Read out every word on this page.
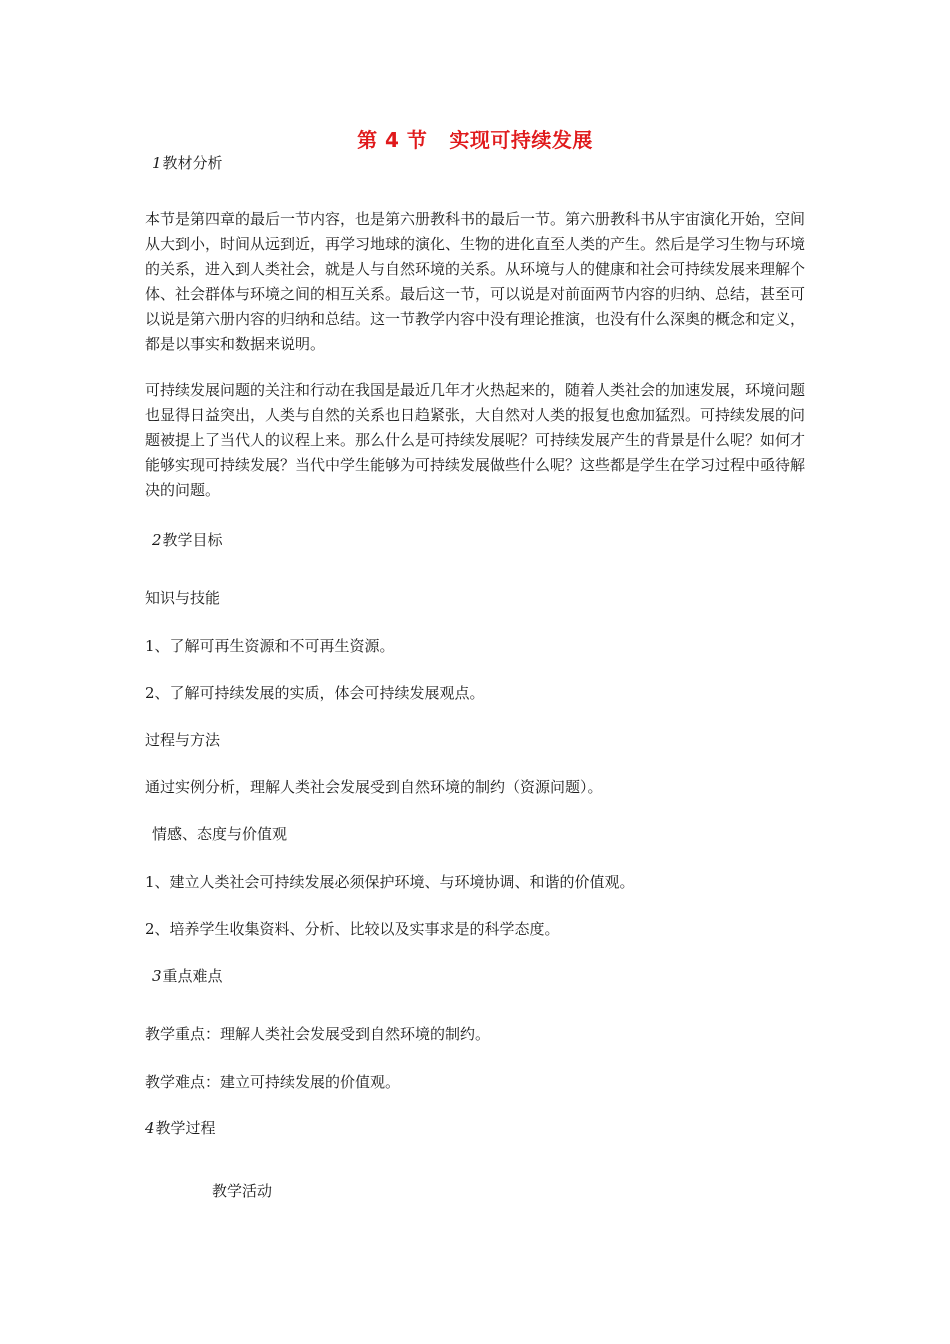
第 4 节 实现可持续发展
1教材分析

本节是第四章的最后一节内容，也是第六册教科书的最后一节。第六册教科书从宇宙演化开始，空间从大到小，时间从远到近，再学习地球的演化、生物的进化直至人类的产生。然后是学习生物与环境的关系，进入到人类社会，就是人与自然环境的关系。从环境与人的健康和社会可持续发展来理解个体、社会群体与环境之间的相互关系。最后这一节，可以说是对前面两节内容的归纳、总结，甚至可以说是第六册内容的归纳和总结。这一节教学内容中没有理论推演，也没有什么深奥的概念和定义，都是以事实和数据来说明。

可持续发展问题的关注和行动在我国是最近几年才火热起来的，随着人类社会的加速发展，环境问题也显得日益突出，人类与自然的关系也日趋紧张，大自然对人类的报复也愈加猛烈。可持续发展的问题被提上了当代人的议程上来。那么什么是可持续发展呢？可持续发展产生的背景是什么呢？如何才能够实现可持续发展？当代中学生能够为可持续发展做些什么呢？这些都是学生在学习过程中亟待解决的问题。

2教学目标
知识与技能
1、了解可再生资源和不可再生资源。
2、了解可持续发展的实质，体会可持续发展观点。
过程与方法
通过实例分析，理解人类社会发展受到自然环境的制约（资源问题）。
情感、态度与价值观
1、建立人类社会可持续发展必须保护环境、与环境协调、和谐的价值观。
2、培养学生收集资料、分析、比较以及实事求是的科学态度。
3重点难点
教学重点：理解人类社会发展受到自然环境的制约。
教学难点：建立可持续发展的价值观。
4教学过程
教学活动
